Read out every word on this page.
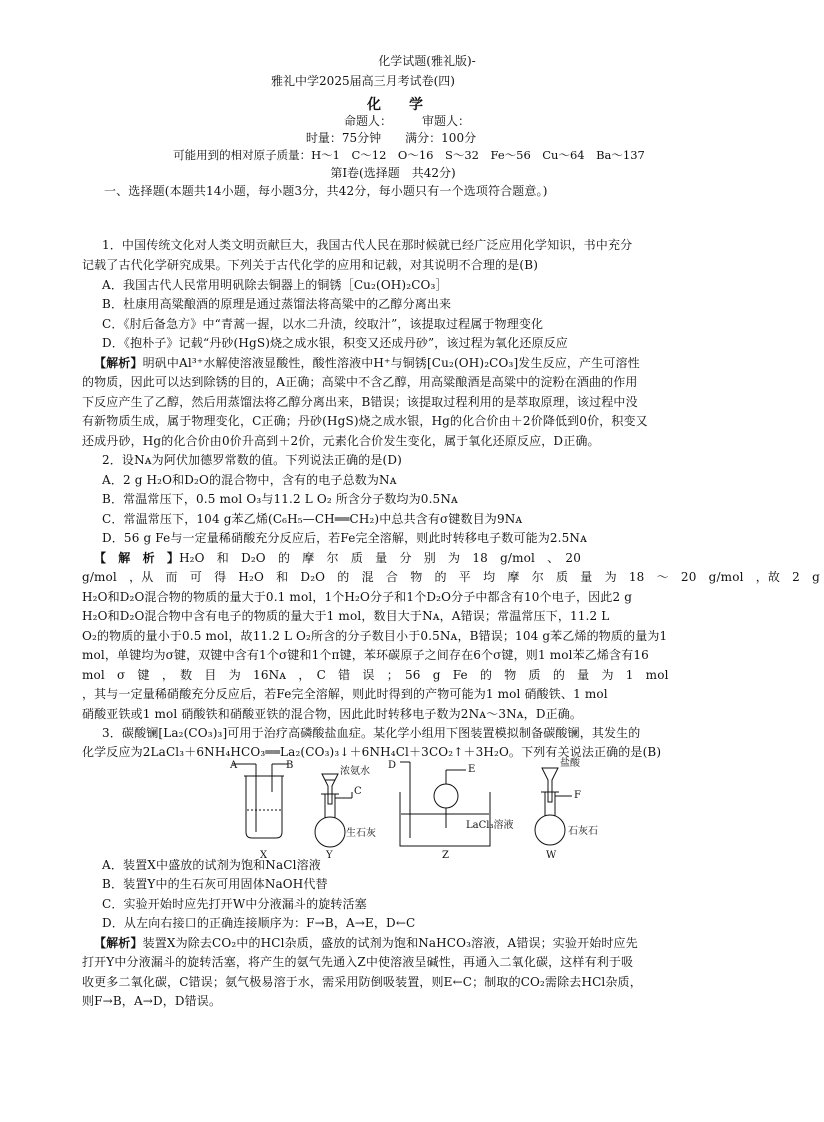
化学试题(雅礼版)-
雅礼中学2025届高三月考试卷(四)
化　　学
命题人：　　　审题人：
时量：75分钟　　满分：100分
可能用到的相对原子质量：H～1　C～12　O～16　S～32　Fe～56　Cu～64　Ba～137
第Ⅰ卷(选择题　共42分)
一、选择题(本题共14小题，每小题3分，共42分，每小题只有一个选项符合题意。)
1．中国传统文化对人类文明贡献巨大，我国古代人民在那时候就已经广泛应用化学知识，书中充分
记载了古代化学研究成果。下列关于古代化学的应用和记载，对其说明不合理的是(B)
A．我国古代人民常用明矾除去铜器上的铜锈［Cu₂(OH)₂CO₃］
B．杜康用高粱酿酒的原理是通过蒸馏法将高粱中的乙醇分离出来
C．《肘后备急方》中“青蒿一握，以水二升渍，绞取汁”，该提取过程属于物理变化
D．《抱朴子》记载“丹砂(HgS)烧之成水银，积变又还成丹砂”，该过程为氧化还原反应
【解析】明矾中Al³⁺水解使溶液显酸性，酸性溶液中H⁺与铜锈[Cu₂(OH)₂CO₃]发生反应，产生可溶性
的物质，因此可以达到除锈的目的，A正确；高粱中不含乙醇，用高粱酿酒是高粱中的淀粉在酒曲的作用
下反应产生了乙醇，然后用蒸馏法将乙醇分离出来，B错误；该提取过程利用的是萃取原理，该过程中没
有新物质生成，属于物理变化，C正确；丹砂(HgS)烧之成水银，Hg的化合价由＋2价降低到0价，积变又
还成丹砂，Hg的化合价由0价升高到＋2价，元素化合价发生变化，属于氧化还原反应，D正确。
2．设Nᴀ为阿伏加德罗常数的值。下列说法正确的是(D)
A．2 g H₂O和D₂O的混合物中，含有的电子总数为Nᴀ
B．常温常压下，0.5 mol O₃与11.2 L O₂ 所含分子数均为0.5Nᴀ
C．常温常压下，104 g苯乙烯(C₆H₅—CH══CH₂)中总共含有σ键数目为9Nᴀ
D．56 g Fe与一定量稀硝酸充分反应后，若Fe完全溶解，则此时转移电子数可能为2.5Nᴀ
【　解　析　】H₂O　和　D₂O　的　摩　尔　质　量　分　别　为　18　g/mol　、　20
g/mol　，从　而　可　得　H₂O　和　D₂O　的　混　合　物　的　平　均　摩　尔　质　量　为　18　～　20　g/mol　，故　2　g
H₂O和D₂O混合物的物质的量大于0.1 mol，1个H₂O分子和1个D₂O分子中都含有10个电子，因此2 g
H₂O和D₂O混合物中含有电子的物质的量大于1 mol，数目大于Nᴀ，A错误；常温常压下，11.2 L
O₂的物质的量小于0.5 mol，故11.2 L O₂所含的分子数目小于0.5Nᴀ，B错误；104 g苯乙烯的物质的量为1
mol，单键均为σ键，双键中含有1个σ键和1个π键，苯环碳原子之间存在6个σ键，则1 mol苯乙烯含有16
mol　σ　键　，　数　目　为　16Nᴀ　，　C　错　误　；　56　g　Fe　的　物　质　的　量　为　1　mol
，其与一定量稀硝酸充分反应后，若Fe完全溶解，则此时得到的产物可能为1 mol 硝酸铁、1 mol
硝酸亚铁或1 mol 硝酸铁和硝酸亚铁的混合物，因此此时转移电子数为2Nᴀ～3Nᴀ，D正确。
3．碳酸镧[La₂(CO₃)₃]可用于治疗高磷酸盐血症。某化学小组用下图装置模拟制备碳酸镧，其发生的
化学反应为2LaCl₃＋6NH₄HCO₃══La₂(CO₃)₃↓＋6NH₄Cl＋3CO₂↑＋3H₂O。下列有关说法正确的是(B)
A	B
C
D	E
F
X	Y	Z	W
浓氨水
生石灰
LaCl₃溶液
盐酸
石灰石
A．装置X中盛放的试剂为饱和NaCl溶液
B．装置Y中的生石灰可用固体NaOH代替
C．实验开始时应先打开W中分液漏斗的旋转活塞
D．从左向右接口的正确连接顺序为：F→B，A→E，D←C
【解析】装置X为除去CO₂中的HCl杂质，盛放的试剂为饱和NaHCO₃溶液，A错误；实验开始时应先
打开Y中分液漏斗的旋转活塞，将产生的氨气先通入Z中使溶液呈碱性，再通入二氧化碳，这样有利于吸
收更多二氧化碳，C错误；氨气极易溶于水，需采用防倒吸装置，则E←C；制取的CO₂需除去HCl杂质，
则F→B，A→D，D错误。
